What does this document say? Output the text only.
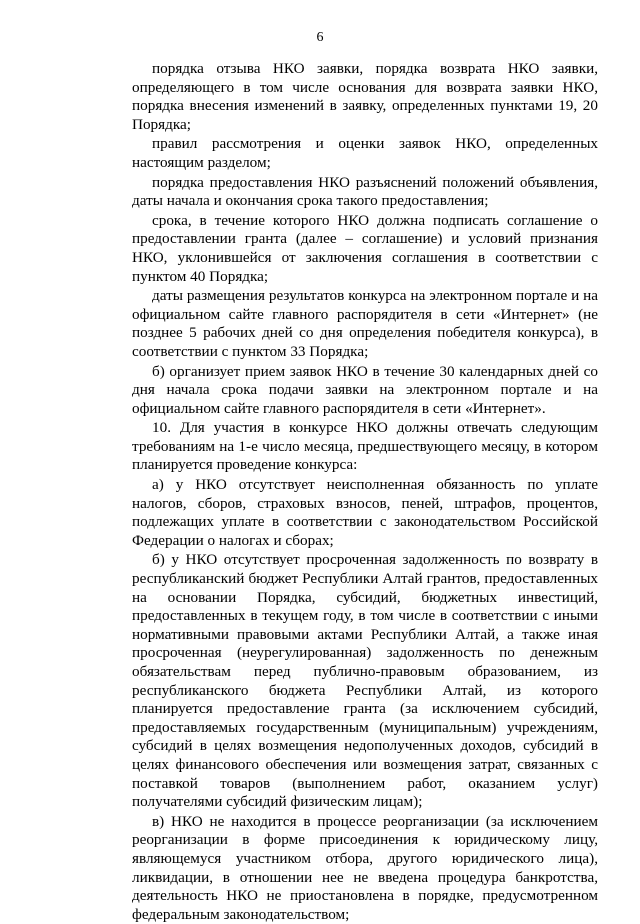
6

порядка отзыва НКО заявки, порядка возврата НКО заявки, определяющего в том числе основания для возврата заявки НКО, порядка внесения изменений в заявку, определенных пунктами 19, 20 Порядка;

правил рассмотрения и оценки заявок НКО, определенных настоящим разделом;

порядка предоставления НКО разъяснений положений объявления, даты начала и окончания срока такого предоставления;

срока, в течение которого НКО должна подписать соглашение о предоставлении гранта (далее – соглашение) и условий признания НКО, уклонившейся от заключения соглашения в соответствии с пунктом 40 Порядка;

даты размещения результатов конкурса на электронном портале и на официальном сайте главного распорядителя в сети «Интернет» (не позднее 5 рабочих дней со дня определения победителя конкурса), в соответствии с пунктом 33 Порядка;

б) организует прием заявок НКО в течение 30 календарных дней со дня начала срока подачи заявки на электронном портале и на официальном сайте главного распорядителя в сети «Интернет».

10. Для участия в конкурсе НКО должны отвечать следующим требованиям на 1-е число месяца, предшествующего месяцу, в котором планируется проведение конкурса:

а) у НКО отсутствует неисполненная обязанность по уплате налогов, сборов, страховых взносов, пеней, штрафов, процентов, подлежащих уплате в соответствии с законодательством Российской Федерации о налогах и сборах;

б) у НКО отсутствует просроченная задолженность по возврату в республиканский бюджет Республики Алтай грантов, предоставленных на основании Порядка, субсидий, бюджетных инвестиций, предоставленных в текущем году, в том числе в соответствии с иными нормативными правовыми актами Республики Алтай, а также иная просроченная (неурегулированная) задолженность по денежным обязательствам перед публично-правовым образованием, из республиканского бюджета Республики Алтай, из которого планируется предоставление гранта (за исключением субсидий, предоставляемых государственным (муниципальным) учреждениям, субсидий в целях возмещения недополученных доходов, субсидий в целях финансового обеспечения или возмещения затрат, связанных с поставкой товаров (выполнением работ, оказанием услуг) получателями субсидий физическим лицам);

в) НКО не находится в процессе реорганизации (за исключением реорганизации в форме присоединения к юридическому лицу, являющемуся участником отбора, другого юридического лица), ликвидации, в отношении нее не введена процедура банкротства, деятельность НКО не приостановлена в порядке, предусмотренном федеральным законодательством;
